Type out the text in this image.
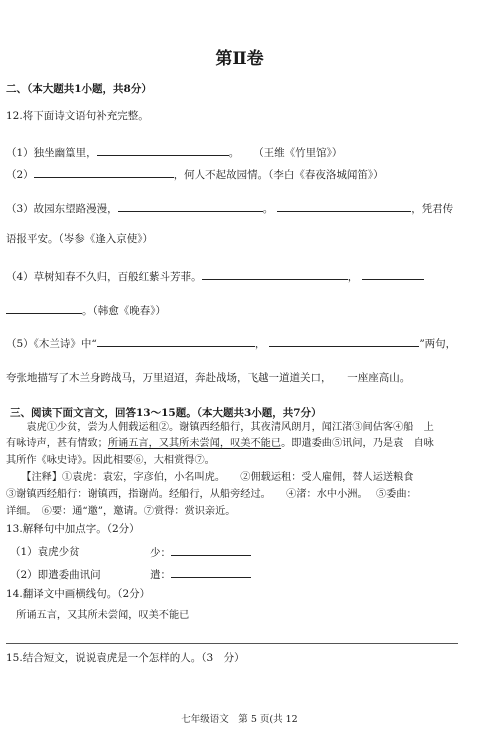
第Ⅱ卷
二、（本大题共1小题，共8分）
12.将下面诗文语句补充完整。
（1）独坐幽篁里，	。 （王维《竹里馆》）
（2）	，何人不起故园情。（李白《春夜洛城闻笛》）
（3）故园东望路漫漫，	。	，凭君传
语报平安。（岑参《逢入京使》）
（4）草树知春不久归，百般红紫斗芳菲。	，
。（韩愈《晚春》）
（5）《木兰诗》中“	，	”两句，
夸张地描写了木兰身跨战马，万里迢迢，奔赴战场，飞越一道道关口，　　一座座高山。
三、阅读下面文言文，回答13～15题。（本大题共3小题，共7分）
　　袁虎①少贫，尝为人佣载运租②。谢镇西经船行，其夜清风朗月，闻江渚③间估客④船　上
有咏诗声，甚有情致；所诵五言，又其所未尝闻，叹美不能已。即遣委曲⑤讯问，乃是袁　自咏
其所作《咏史诗》。因此相要⑥，大相赏得⑦。
　　【注释】①袁虎：袁宏，字彦伯，小名叫虎。　　②佣载运租：受人雇佣，替人运送粮食
③谢镇西经船行：谢镇西，指谢尚。经船行，从船旁经过。　　④渚：水中小洲。　 ⑤委曲：
详细。　⑥要：通“邀”，邀请。⑦赏得：赏识亲近。
13.解释句中加点字。（2分）
（1）袁虎少贫	少：
（2）即遣委曲讯问	遣：
14.翻译文中画横线句。（2分）
　所诵五言，又其所未尝闻，叹美不能已
15.结合短文，说说袁虎是一个怎样的人。（3　分）
七年级语文　第 5 页(共 12
